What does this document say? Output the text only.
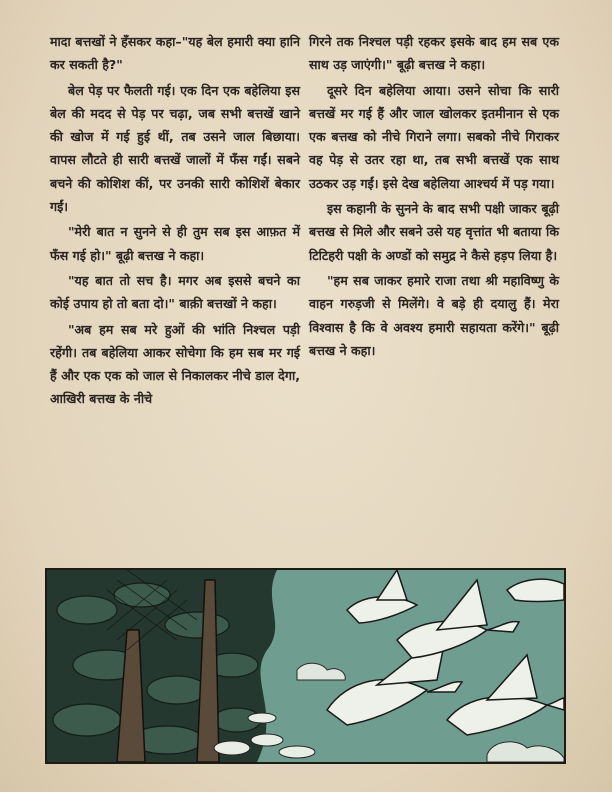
मादा बत्तखों ने हँसकर कहा–"यह बेल हमारी क्या हानि कर सकती है?"

बेल पेड़ पर फैलती गई। एक दिन एक बहेलिया इस बेल की मदद से पेड़ पर चढ़ा, जब सभी बत्तखें खाने की खोज में गई हुई थीं, तब उसने जाल बिछाया। वापस लौटते ही सारी बत्तखें जालों में फँस गईं। सबने बचने की कोशिश कीं, पर उनकी सारी कोशिशें बेकार गईं।

"मेरी बात न सुनने से ही तुम सब इस आफ़त में फँस गई हो।" बूढ़ी बत्तख ने कहा।

"यह बात तो सच है। मगर अब इससे बचने का कोई उपाय हो तो बता दो।" बाक़ी बत्तखों ने कहा।

"अब हम सब मरे हुओं की भांति निश्चल पड़ी रहेंगी। तब बहेलिया आकर सोचेगा कि हम सब मर गई हैं और एक एक को जाल से निकालकर नीचे डाल देगा, आखिरी बत्तख के नीचे

गिरने तक निश्चल पड़ी रहकर इसके बाद हम सब एक साथ उड़ जाएंगी।" बूढ़ी बत्तख ने कहा।

दूसरे दिन बहेलिया आया। उसने सोचा कि सारी बत्तखें मर गई हैं और जाल खोलकर इतमीनान से एक एक बत्तख को नीचे गिराने लगा। सबको नीचे गिराकर वह पेड़ से उतर रहा था, तब सभी बत्तखें एक साथ उठकर उड़ गईं। इसे देख बहेलिया आश्चर्य में पड़ गया।

इस कहानी के सुनने के बाद सभी पक्षी जाकर बूढ़ी बत्तख से मिले और सबने उसे यह वृत्तांत भी बताया कि टिटिहरी पक्षी के अण्डों को समुद्र ने कैसे हड़प लिया है।

"हम सब जाकर हमारे राजा तथा श्री महाविष्णु के वाहन गरुड़जी से मिलेंगे। वे बड़े ही दयालु हैं। मेरा विश्वास है कि वे अवश्य हमारी सहायता करेंगे।" बूढ़ी बत्तख ने कहा।
